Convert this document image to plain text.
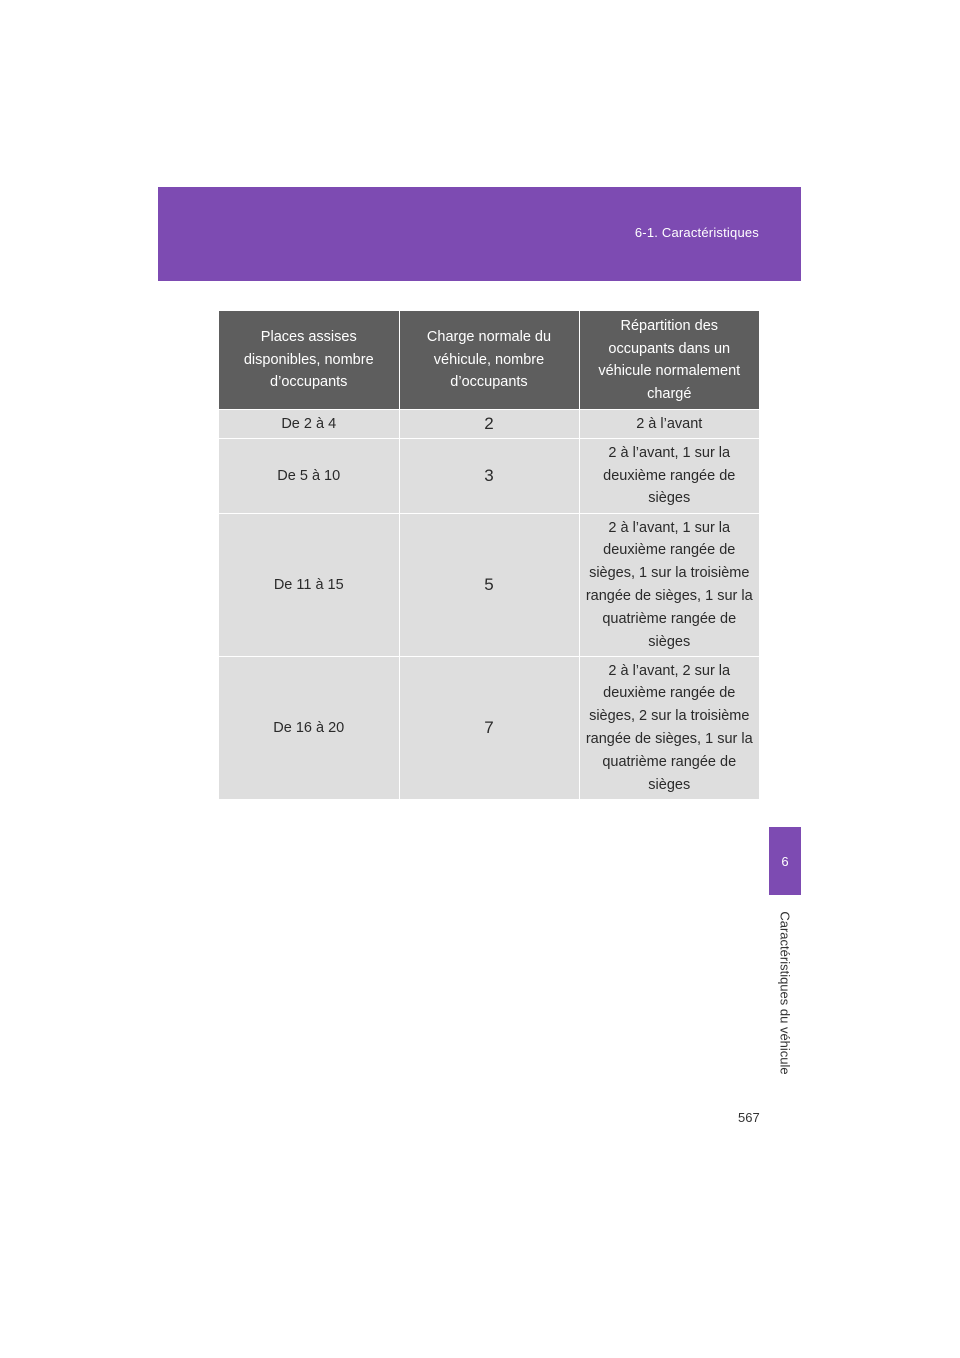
6-1. Caractéristiques
Places assises disponibles, nombre d’occupants	Charge normale du véhicule, nombre d’occupants	Répartition des occupants dans un véhicule normalement chargé
De 2 à 4	2	2 à l’avant
De 5 à 10	3	2 à l’avant, 1 sur la deuxième rangée de sièges
De 11 à 15	5	2 à l’avant, 1 sur la deuxième rangée de sièges, 1 sur la troisième rangée de sièges, 1 sur la quatrième rangée de sièges
De 16 à 20	7	2 à l’avant, 2 sur la deuxième rangée de sièges, 2 sur la troisième rangée de sièges, 1 sur la quatrième rangée de sièges
6
Caractéristiques du véhicule
567
